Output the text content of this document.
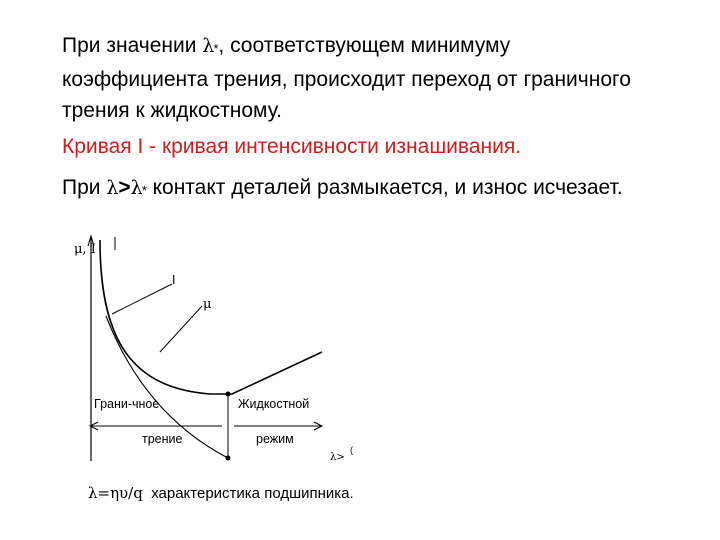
При значении λ*, соответствующем минимуму коэффициента трения, происходит переход от граничного трения к жидкостному.

Кривая I - кривая интенсивности изнашивания.

При λ>λ* контакт деталей размыкается, и износ исчезает.

μ, I
I
μ
Грани-чное	Жидкостной
трение	режим
λ>
(
λ=ηυ/q характеристика подшипника.
